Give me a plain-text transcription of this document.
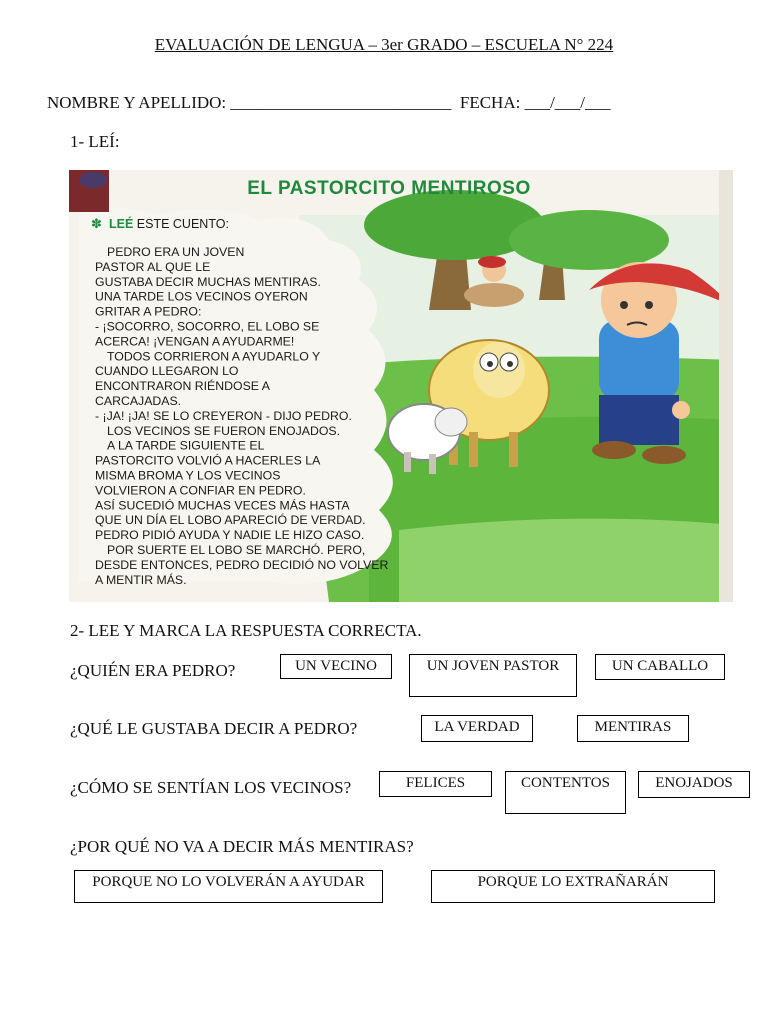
EVALUACIÓN DE LENGUA – 3er GRADO – ESCUELA N° 224
NOMBRE Y APELLIDO: __________________________  FECHA: ___/___/___
1- LEÍ:
EL PASTORCITO MENTIROSO
✽ LEÉ ESTE CUENTO:
PEDRO ERA UN JOVEN
PASTOR AL QUE LE
GUSTABA DECIR MUCHAS MENTIRAS.
UNA TARDE LOS VECINOS OYERON
GRITAR A PEDRO:
- ¡SOCORRO, SOCORRO, EL LOBO SE
ACERCA! ¡VENGAN A AYUDARME!
TODOS CORRIERON A AYUDARLO Y
CUANDO LLEGARON LO
ENCONTRARON RIÉNDOSE A
CARCAJADAS.
- ¡JA! ¡JA! SE LO CREYERON - DIJO PEDRO.
LOS VECINOS SE FUERON ENOJADOS.
A LA TARDE SIGUIENTE EL
PASTORCITO VOLVIÓ A HACERLES LA
MISMA BROMA Y LOS VECINOS
VOLVIERON A CONFIAR EN PEDRO.
ASÍ SUCEDIÓ MUCHAS VECES MÁS HASTA
QUE UN DÍA EL LOBO APARECIÓ DE VERDAD.
PEDRO PIDIÓ AYUDA Y NADIE LE HIZO CASO.
POR SUERTE EL LOBO SE MARCHÓ. PERO,
DESDE ENTONCES, PEDRO DECIDIÓ NO VOLVER
A MENTIR MÁS.
2- LEE Y MARCA LA RESPUESTA CORRECTA.
¿QUIÉN ERA PEDRO?	UN VECINO	UN JOVEN PASTOR	UN CABALLO
¿QUÉ LE GUSTABA DECIR A PEDRO?	LA VERDAD	MENTIRAS
¿CÓMO SE SENTÍAN LOS VECINOS?	FELICES	CONTENTOS	ENOJADOS
¿POR QUÉ NO VA A DECIR MÁS MENTIRAS?
PORQUE NO LO VOLVERÁN A AYUDAR	PORQUE LO EXTRAÑARÁN
